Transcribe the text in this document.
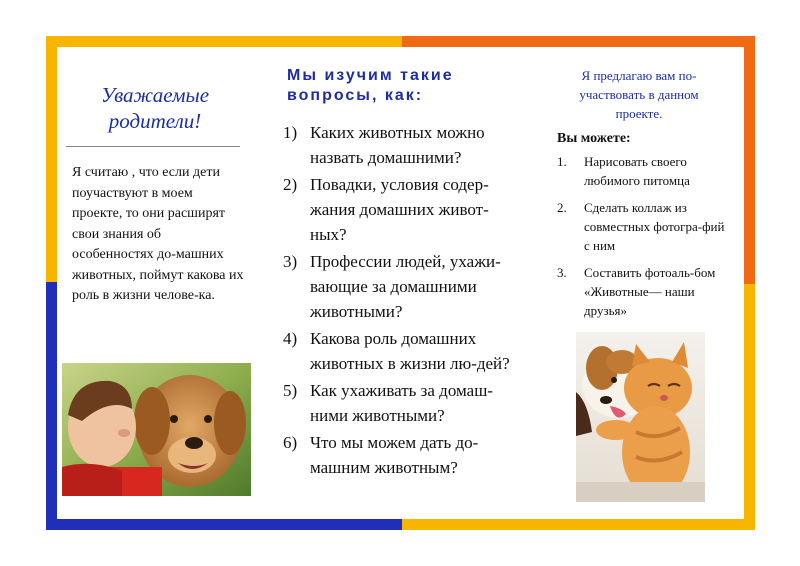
Уважаемые родители!
Я считаю , что если дети поучаствуют в моем проекте, то они расширят свои знания об особенностях до-машних животных, поймут какова их роль в жизни челове-ка.
Мы изучим такие вопросы, как:
1) Каких животных можно назвать домашними?
2) Повадки, условия содер-жания домашних живот-ных?
3) Профессии людей, ухажи-вающие за домашними животными?
4) Какова роль домашних животных в жизни лю-дей?
5) Как ухаживать за домаш-ними животными?
6) Что мы можем дать до-машним животным?
Я предлагаю вам по-участвовать в данном проекте.
Вы можете:
1.	Нарисовать своего любимого питомца
2.	Сделать коллаж из совместных фотогра-фий с ним
3.	Составить фотоаль-бом «Животные— наши друзья»
